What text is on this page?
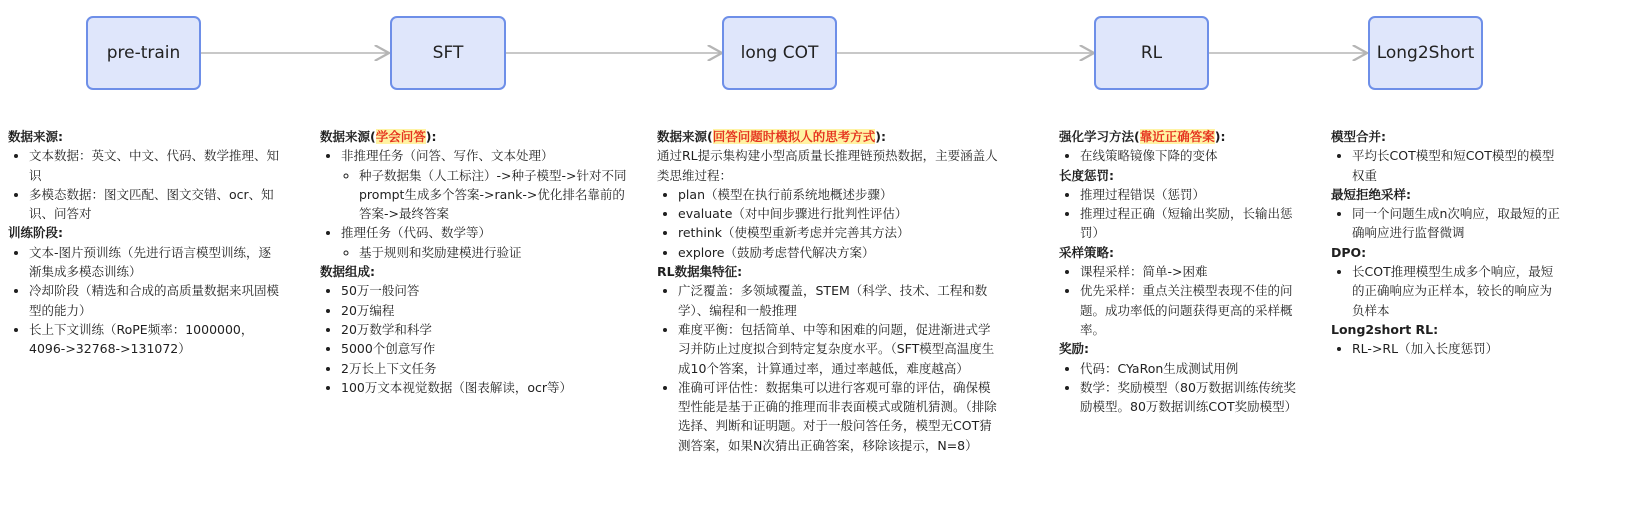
pre-train	SFT	long COT	RL	Long2Short
数据来源:
• 文本数据：英文、中文、代码、数学推理、知识
• 多模态数据：图文匹配、图文交错、ocr、知识、问答对
训练阶段:
• 文本-图片预训练（先进行语言模型训练，逐渐集成多模态训练）
• 冷却阶段（精选和合成的高质量数据来巩固模型的能力）
• 长上下文训练（RoPE频率：1000000，4096->32768->131072）
数据来源(学会问答):
• 非推理任务（问答、写作、文本处理）
◦ 种子数据集（人工标注）->种子模型->针对不同prompt生成多个答案->rank->优化排名靠前的答案->最终答案
• 推理任务（代码、数学等）
◦ 基于规则和奖励建模进行验证
数据组成:
• 50万一般问答
• 20万编程
• 20万数学和科学
• 5000个创意写作
• 2万长上下文任务
• 100万文本视觉数据（图表解读，ocr等）
数据来源(回答问题时模拟人的思考方式):

通过RL提示集构建小型高质量长推理链预热数据，主要涵盖人类思维过程：

• plan（模型在执行前系统地概述步骤）
• evaluate（对中间步骤进行批判性评估）
• rethink（使模型重新考虑并完善其方法）
• explore（鼓励考虑替代解决方案）
RL数据集特征:
• 广泛覆盖：多领域覆盖，STEM（科学、技术、工程和数学）、编程和一般推理
• 难度平衡：包括简单、中等和困难的问题，促进渐进式学习并防止过度拟合到特定复杂度水平。（SFT模型高温度生成10个答案，计算通过率，通过率越低，难度越高）
• 准确可评估性：数据集可以进行客观可靠的评估，确保模型性能是基于正确的推理而非表面模式或随机猜测。（排除选择、判断和证明题。对于一般问答任务，模型无COT猜测答案，如果N次猜出正确答案，移除该提示，N=8）
强化学习方法(靠近正确答案):
• 在线策略镜像下降的变体
长度惩罚:
• 推理过程错误（惩罚）
• 推理过程正确（短输出奖励，长输出惩罚）
采样策略:
• 课程采样：简单->困难
• 优先采样：重点关注模型表现不佳的问题。成功率低的问题获得更高的采样概率。
奖励:
• 代码：CYaRon生成测试用例
• 数学：奖励模型（80万数据训练传统奖励模型。80万数据训练COT奖励模型）
模型合并:
• 平均长COT模型和短COT模型的模型权重
最短拒绝采样:
• 同一个问题生成n次响应，取最短的正确响应进行监督微调
DPO:
• 长COT推理模型生成多个响应，最短的正确响应为正样本，较长的响应为负样本
Long2short RL:
• RL->RL（加入长度惩罚）
